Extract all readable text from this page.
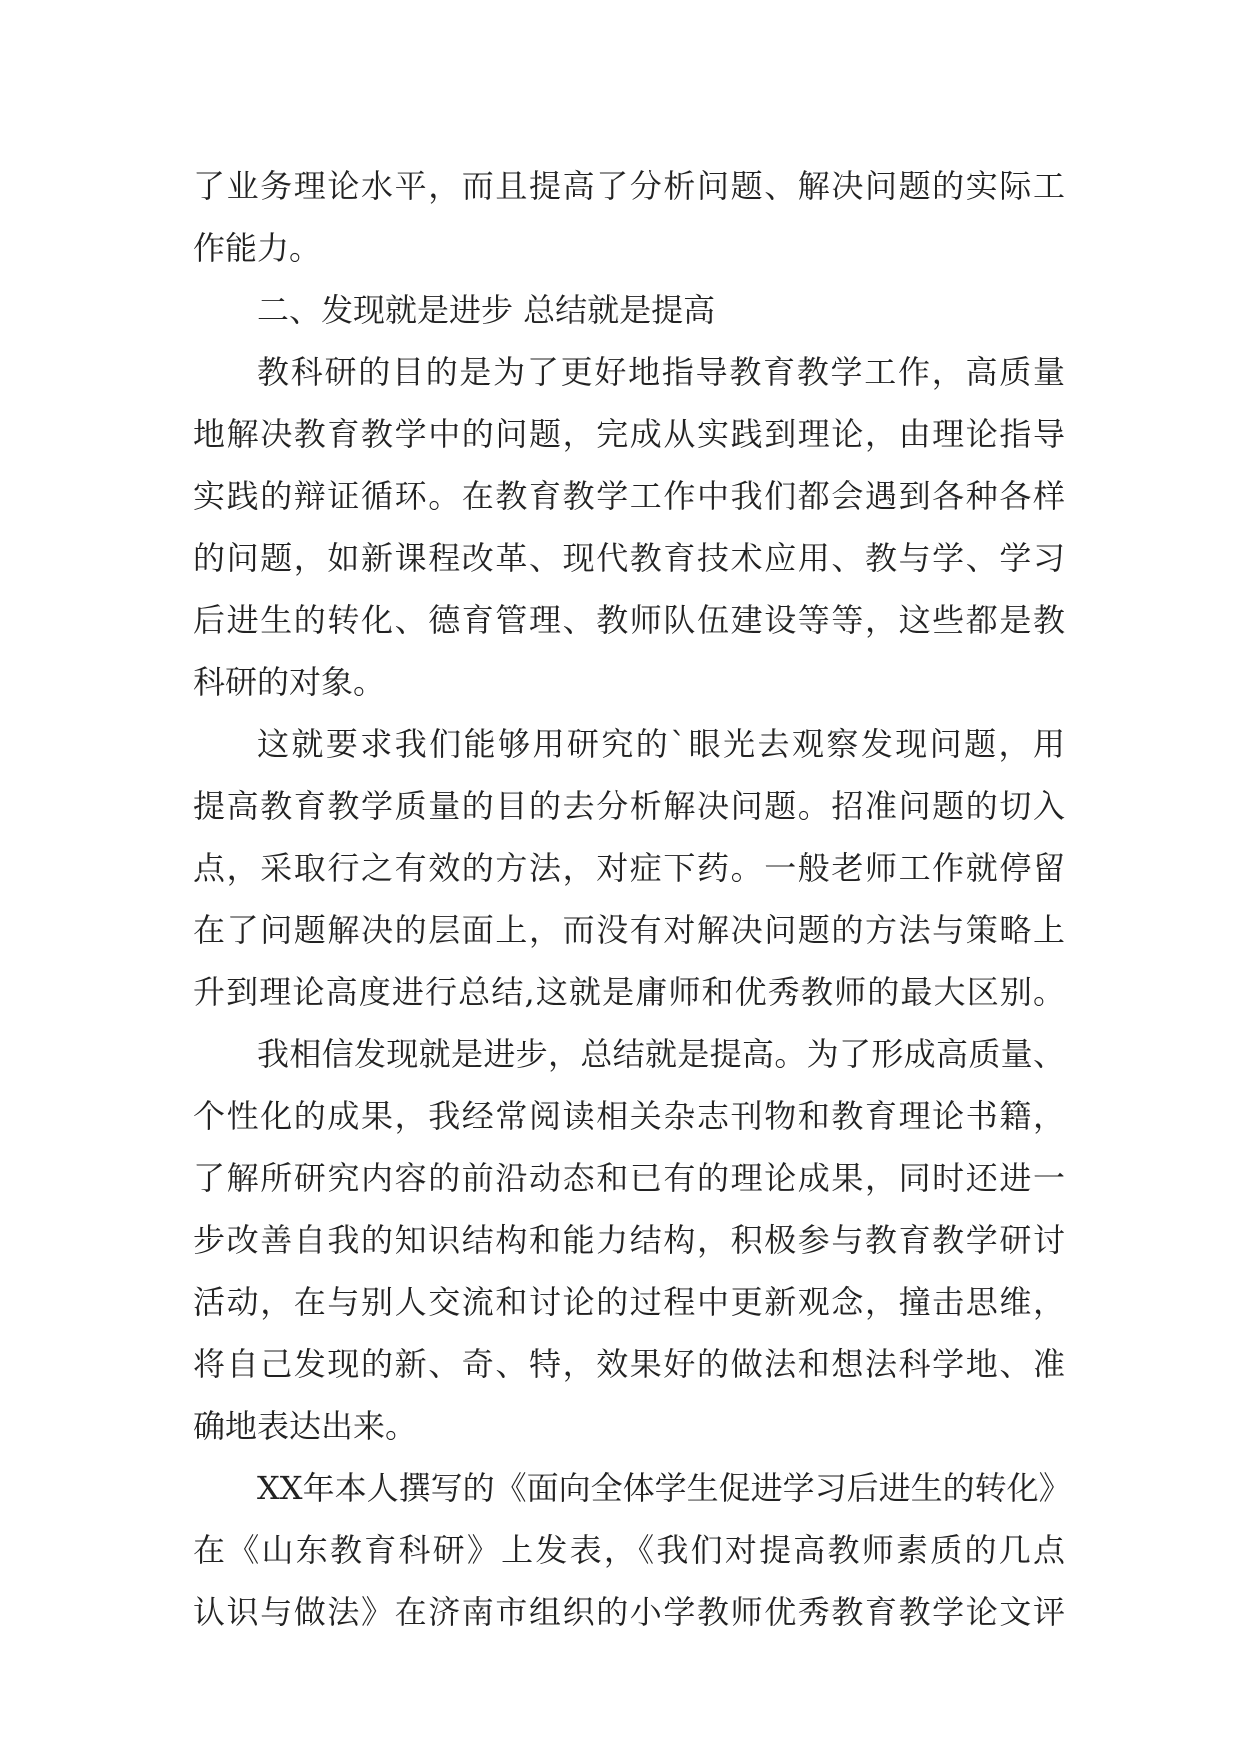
了业务理论水平，而且提高了分析问题、解决问题的实际工
作能力。
二、发现就是进步 总结就是提高
教科研的目的是为了更好地指导教育教学工作，高质量
地解决教育教学中的问题，完成从实践到理论，由理论指导
实践的辩证循环。在教育教学工作中我们都会遇到各种各样
的问题，如新课程改革、现代教育技术应用、教与学、学习
后进生的转化、德育管理、教师队伍建设等等，这些都是教
科研的对象。
这就要求我们能够用研究的`眼光去观察发现问题，用
提高教育教学质量的目的去分析解决问题。招准问题的切入
点，采取行之有效的方法，对症下药。一般老师工作就停留
在了问题解决的层面上，而没有对解决问题的方法与策略上
升到理论高度进行总结,这就是庸师和优秀教师的最大区别。
我相信发现就是进步，总结就是提高。为了形成高质量、
个性化的成果，我经常阅读相关杂志刊物和教育理论书籍，
了解所研究内容的前沿动态和已有的理论成果，同时还进一
步改善自我的知识结构和能力结构，积极参与教育教学研讨
活动，在与别人交流和讨论的过程中更新观念，撞击思维，
将自己发现的新、奇、特，效果好的做法和想法科学地、准
确地表达出来。
XX年本人撰写的《面向全体学生促进学习后进生的转化》
在《山东教育科研》上发表，《我们对提高教师素质的几点
认识与做法》在济南市组织的小学教师优秀教育教学论文评
